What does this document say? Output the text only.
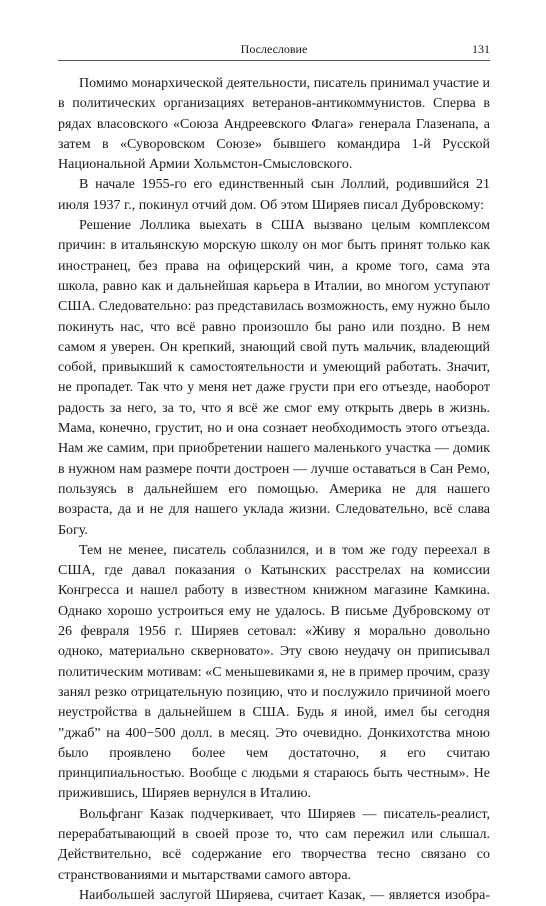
Послесловие	131

Помимо монархической деятельности, писатель принимал участие и в политических организациях ветеранов-антикоммунистов. Сперва в рядах власовского «Союза Андреевского Флага» генерала Глазенапа, а затем в «Суворовском Союзе» бывшего командира 1-й Русской Национальной Армии Хольмстон-Смысловского.

В начале 1955-го его единственный сын Лоллий, родившийся 21 июля 1937 г., покинул отчий дом. Об этом Ширяев писал Дубровскому:

Решение Лоллика выехать в США вызвано целым комплексом причин: в итальянскую морскую школу он мог быть принят только как иностранец, без права на офицерский чин, а кроме того, сама эта школа, равно как и дальнейшая карьера в Италии, во многом уступают США. Следовательно: раз представилась возможность, ему нужно было покинуть нас, что всё равно произошло бы рано или поздно. В нем самом я уверен. Он крепкий, знающий свой путь мальчик, владеющий собой, привыкший к самостоятельности и умеющий работать. Значит, не пропадет. Так что у меня нет даже грусти при его отъезде, наоборот радость за него, за то, что я всё же смог ему открыть дверь в жизнь. Мама, конечно, грустит, но и она сознает необходимость этого отъезда. Нам же самим, при приобретении нашего маленького участка — домик в нужном нам размере почти достроен — лучше оставаться в Сан Ремо, пользуясь в дальнейшем его помощью. Америка не для нашего возраста, да и не для нашего уклада жизни. Следовательно, всё слава Богу.

Тем не менее, писатель соблазнился, и в том же году переехал в США, где давал показания о Катынских расстрелах на комиссии Конгресса и нашел работу в известном книжном магазине Камкина. Однако хорошо устроиться ему не удалось. В письме Дубровскому от 26 февраля 1956 г. Ширяев сетовал: «Живу я морально довольно одноко, материально скверновато». Эту свою неудачу он приписывал политическим мотивам: «С меньшевиками я, не в пример прочим, сразу занял резко отрицательную позицию, что и послужило причиной моего неустройства в дальнейшем в США. Будь я иной, имел бы сегодня ”джаб” на 400−500 долл. в месяц. Это очевидно. Донкихотства мною было проявлено более чем достаточно, я его считаю принципиальностью. Вообще с людьми я стараюсь быть честным». Не прижившись, Ширяев вернулся в Италию.

Вольфганг Казак подчеркивает, что Ширяев — писатель-реалист, перерабатывающий в своей прозе то, что сам пережил или слышал. Действительно, всё содержание его творчества тесно связано со странствованиями и мытарствами самого автора.

Наибольшей заслугой Ширяева, считает Казак, — является изобра-
